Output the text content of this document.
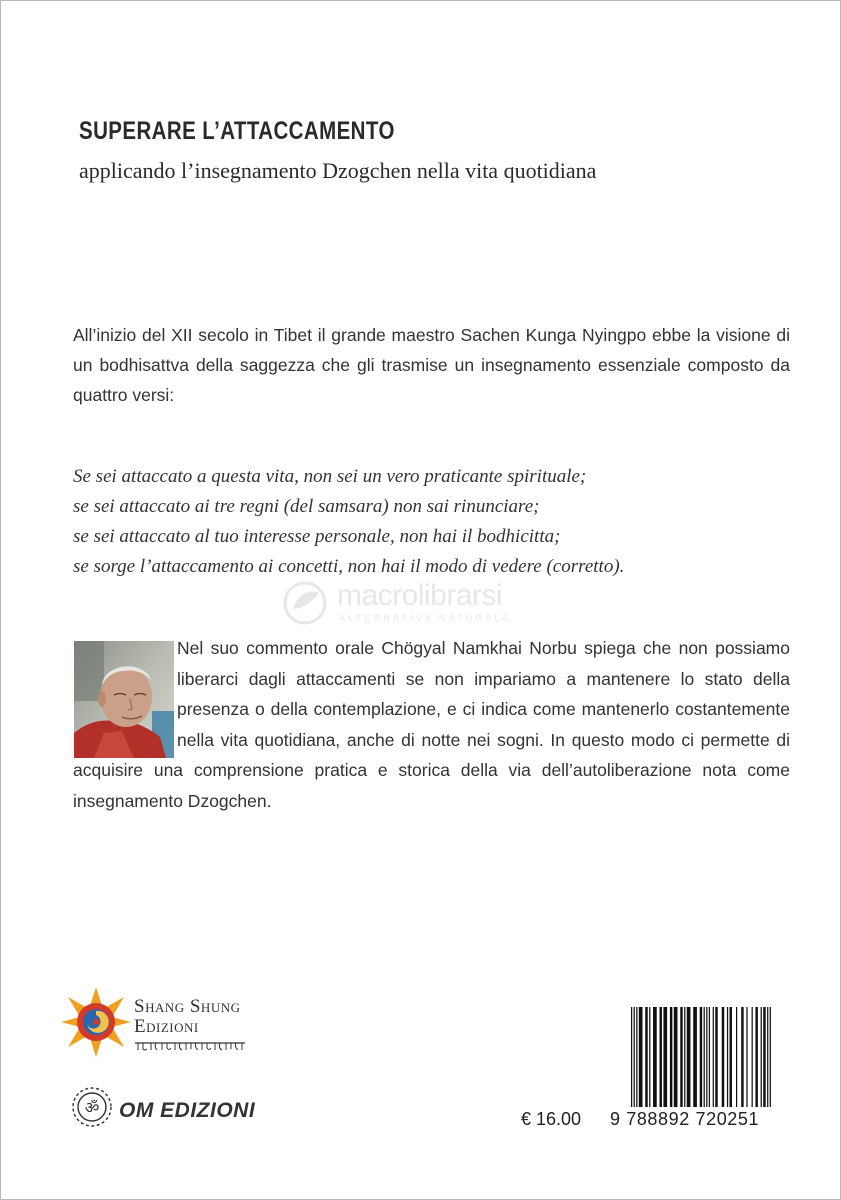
SUPERARE L’ATTACCAMENTO
applicando l’insegnamento Dzogchen nella vita quotidiana

All’inizio del XII secolo in Tibet il grande maestro Sachen Kunga Nyingpo ebbe la visione di un bodhisattva della saggezza che gli trasmise un insegnamento essenziale composto da quattro versi:

Se sei attaccato a questa vita, non sei un vero praticante spirituale;
se sei attaccato ai tre regni (del samsara) non sai rinunciare;
se sei attaccato al tuo interesse personale, non hai il bodhicitta;
se sorge l’attaccamento ai concetti, non hai il modo di vedere (corretto).
macrolibrarsi
ALTERNATIVA NATURALE

Nel suo commento orale Chögyal Namkhai Norbu spiega che non possiamo liberarci dagli attaccamenti se non impariamo a mantenere lo stato della presenza o della contemplazione, e ci indica come mantenerlo costantemente nella vita quotidiana, anche di notte nei sogni. In questo modo ci permette di acquisire una comprensione pratica e storica della via dell’autoliberazione nota come insegnamento Dzogchen.

Shang Shung
Edizioni
ॐ OM EDIZIONI	€ 16.00 9 788892 720251
